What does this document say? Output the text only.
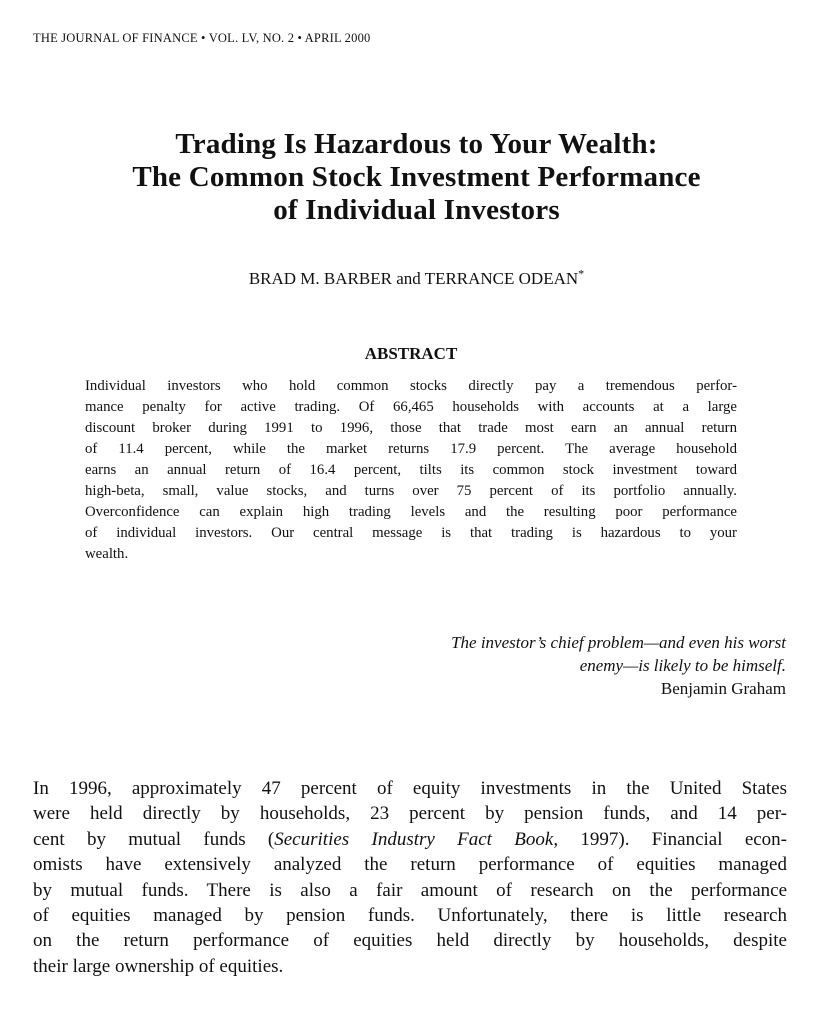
THE JOURNAL OF FINANCE • VOL. LV, NO. 2 • APRIL 2000
Trading Is Hazardous to Your Wealth:
The Common Stock Investment Performance
of Individual Investors
BRAD M. BARBER and TERRANCE ODEAN*
ABSTRACT
Individual investors who hold common stocks directly pay a tremendous perfor-
mance penalty for active trading. Of 66,465 households with accounts at a large
discount broker during 1991 to 1996, those that trade most earn an annual return
of 11.4 percent, while the market returns 17.9 percent. The average household
earns an annual return of 16.4 percent, tilts its common stock investment toward
high-beta, small, value stocks, and turns over 75 percent of its portfolio annually.
Overconfidence can explain high trading levels and the resulting poor performance
of individual investors. Our central message is that trading is hazardous to your
wealth.
The investor’s chief problem—and even his worst
enemy—is likely to be himself.
Benjamin Graham
In 1996, approximately 47 percent of equity investments in the United States
were held directly by households, 23 percent by pension funds, and 14 per-
cent by mutual funds (Securities Industry Fact Book, 1997). Financial econ-
omists have extensively analyzed the return performance of equities managed
by mutual funds. There is also a fair amount of research on the performance
of equities managed by pension funds. Unfortunately, there is little research
on the return performance of equities held directly by households, despite
their large ownership of equities.
